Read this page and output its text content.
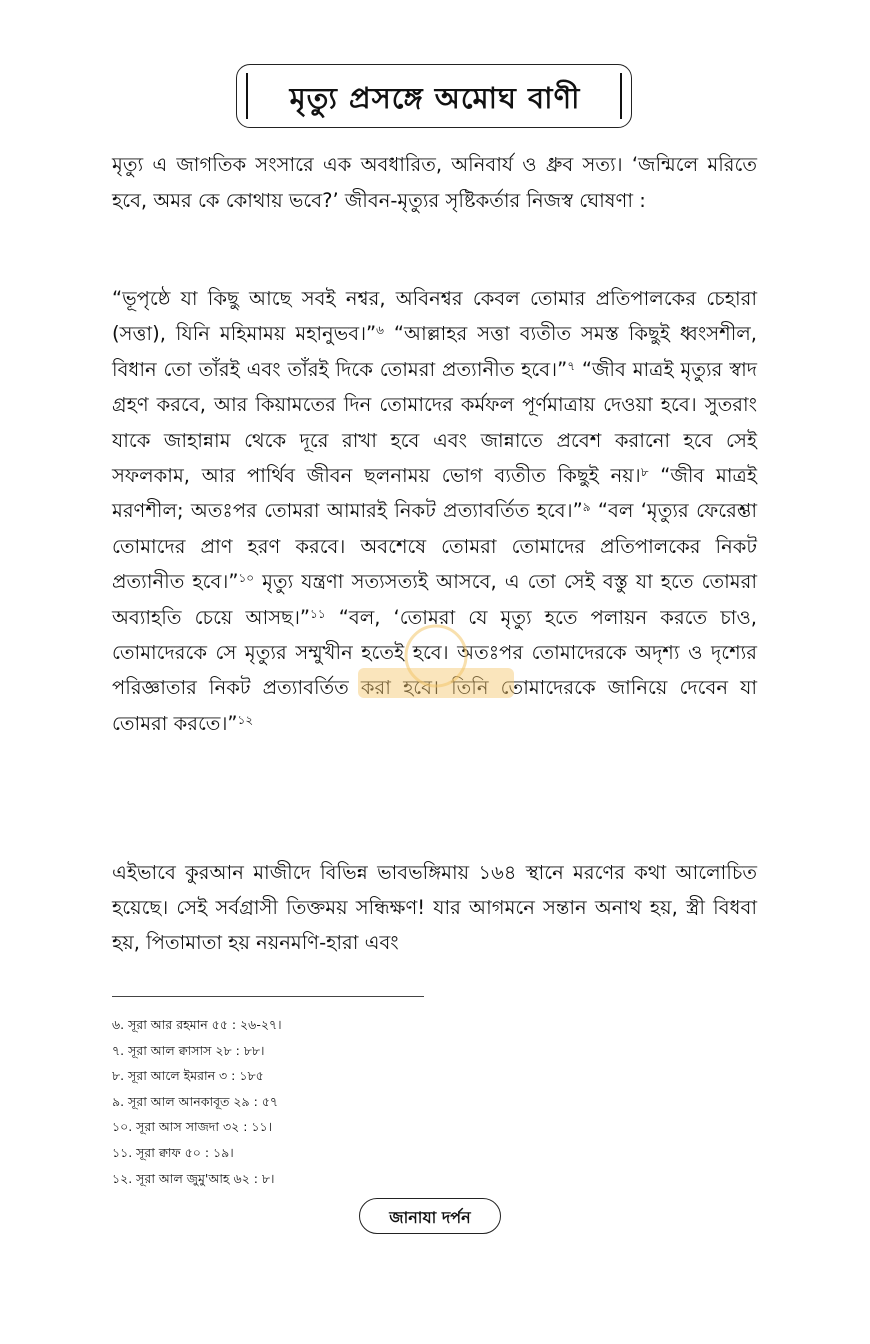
মৃত্যু প্রসঙ্গে অমোঘ বাণী

মৃত্যু এ জাগতিক সংসারে এক অবধারিত, অনিবার্য ও ধ্রুব সত্য। ‘জন্মিলে মরিতে হবে, অমর কে কোথায় ভবে?’ জীবন-মৃত্যুর সৃষ্টিকর্তার নিজস্ব ঘোষণা :

“ভূপৃষ্ঠে যা কিছু আছে সবই নশ্বর, অবিনশ্বর কেবল তোমার প্রতিপালকের চেহারা (সত্তা), যিনি মহিমাময় মহানুভব।”$^৬$ “আল্লাহর সত্তা ব্যতীত সমস্ত কিছুই ধ্বংসশীল, বিধান তো তাঁরই এবং তাঁরই দিকে তোমরা প্রত্যানীত হবে।”$^৭$ “জীব মাত্রই মৃত্যুর স্বাদ গ্রহণ করবে, আর কিয়ামতের দিন তোমাদের কর্মফল পূর্ণমাত্রায় দেওয়া হবে। সুতরাং যাকে জাহান্নাম থেকে দূরে রাখা হবে এবং জান্নাতে প্রবেশ করানো হবে সেই সফলকাম, আর পার্থিব জীবন ছলনাময় ভোগ ব্যতীত কিছুই নয়।$^৮$ “জীব মাত্রই মরণশীল; অতঃপর তোমরা আমারই নিকট প্রত্যাবর্তিত হবে।”$^৯$ “বল ‘মৃত্যুর ফেরেশ্তা তোমাদের প্রাণ হরণ করবে। অবশেষে তোমরা তোমাদের প্রতিপালকের নিকট প্রত্যানীত হবে।”$^{১০}$ মৃত্যু যন্ত্রণা সত্যসত্যই আসবে, এ তো সেই বস্তু যা হতে তোমরা অব্যাহতি চেয়ে আসছ।”$^{১১}$ “বল, ‘তোমরা যে মৃত্যু হতে পলায়ন করতে চাও, তোমাদেরকে সে মৃত্যুর সম্মুখীন হতেই হবে। অতঃপর তোমাদেরকে অদৃশ্য ও দৃশ্যের পরিজ্ঞাতার নিকট প্রত্যাবর্তিত করা হবে। তিনি তোমাদেরকে জানিয়ে দেবেন যা তোমরা করতে।”$^{১২}$

এইভাবে কুরআন মাজীদে বিভিন্ন ভাবভঙ্গিমায় ১৬৪ স্থানে মরণের কথা আলোচিত হয়েছে। সেই সর্বগ্রাসী তিক্তময় সন্ধিক্ষণ! যার আগমনে সন্তান অনাথ হয়, স্ত্রী বিধবা হয়, পিতামাতা হয় নয়নমণি-হারা এবং

৬. সূরা আর রহমান ৫৫ : ২৬-২৭।
৭. সূরা আল ক্বাসাস ২৮ : ৮৮।
৮. সূরা আলে ইমরান ৩ : ১৮৫
৯. সূরা আল আনকাবূত ২৯ : ৫৭
১০. সূরা আস সাজদা ৩২ : ১১।
১১. সূরা ক্বাফ ৫০ : ১৯।
১২. সূরা আল জুমু'আহ ৬২ : ৮।
জানাযা দর্পন
